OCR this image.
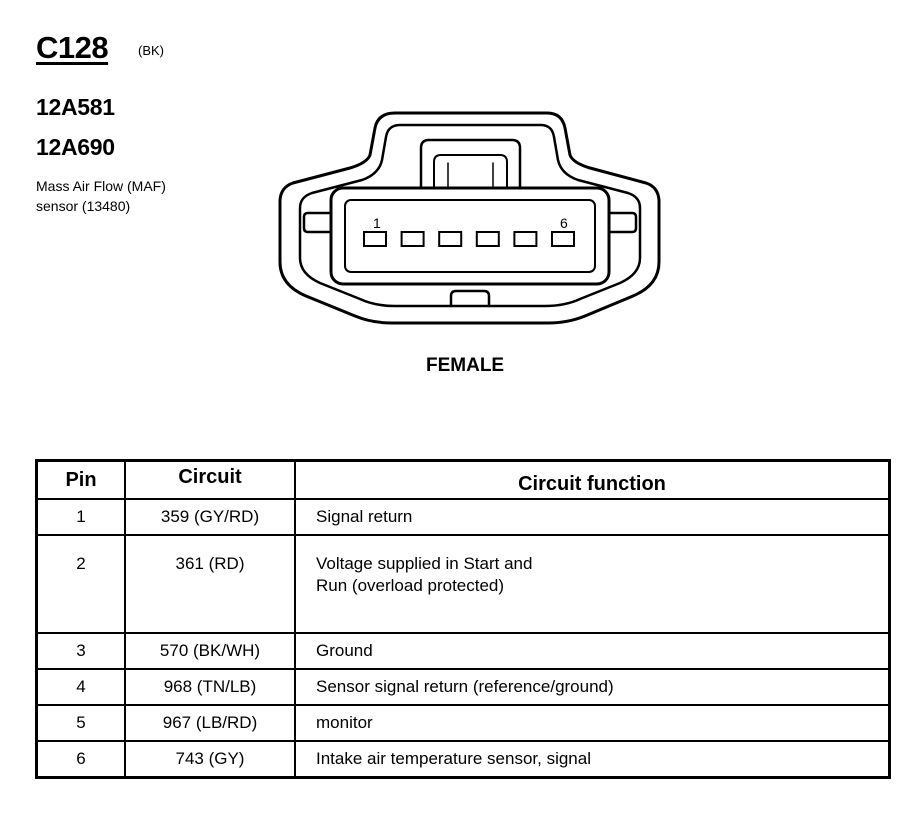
C128 (BK)
12A581
12A690
Mass Air Flow (MAF)
sensor (13480)
1	6
FEMALE
Pin	Circuit	Circuit function
1	359 (GY/RD)	Signal return

2	361 (RD)	Voltage supplied in Start and
Run (overload protected)

3	570 (BK/WH)	Ground

4	968 (TN/LB)	Sensor signal return (reference/ground)

5	967 (LB/RD)	monitor

6	743 (GY)	Intake air temperature sensor, signal
